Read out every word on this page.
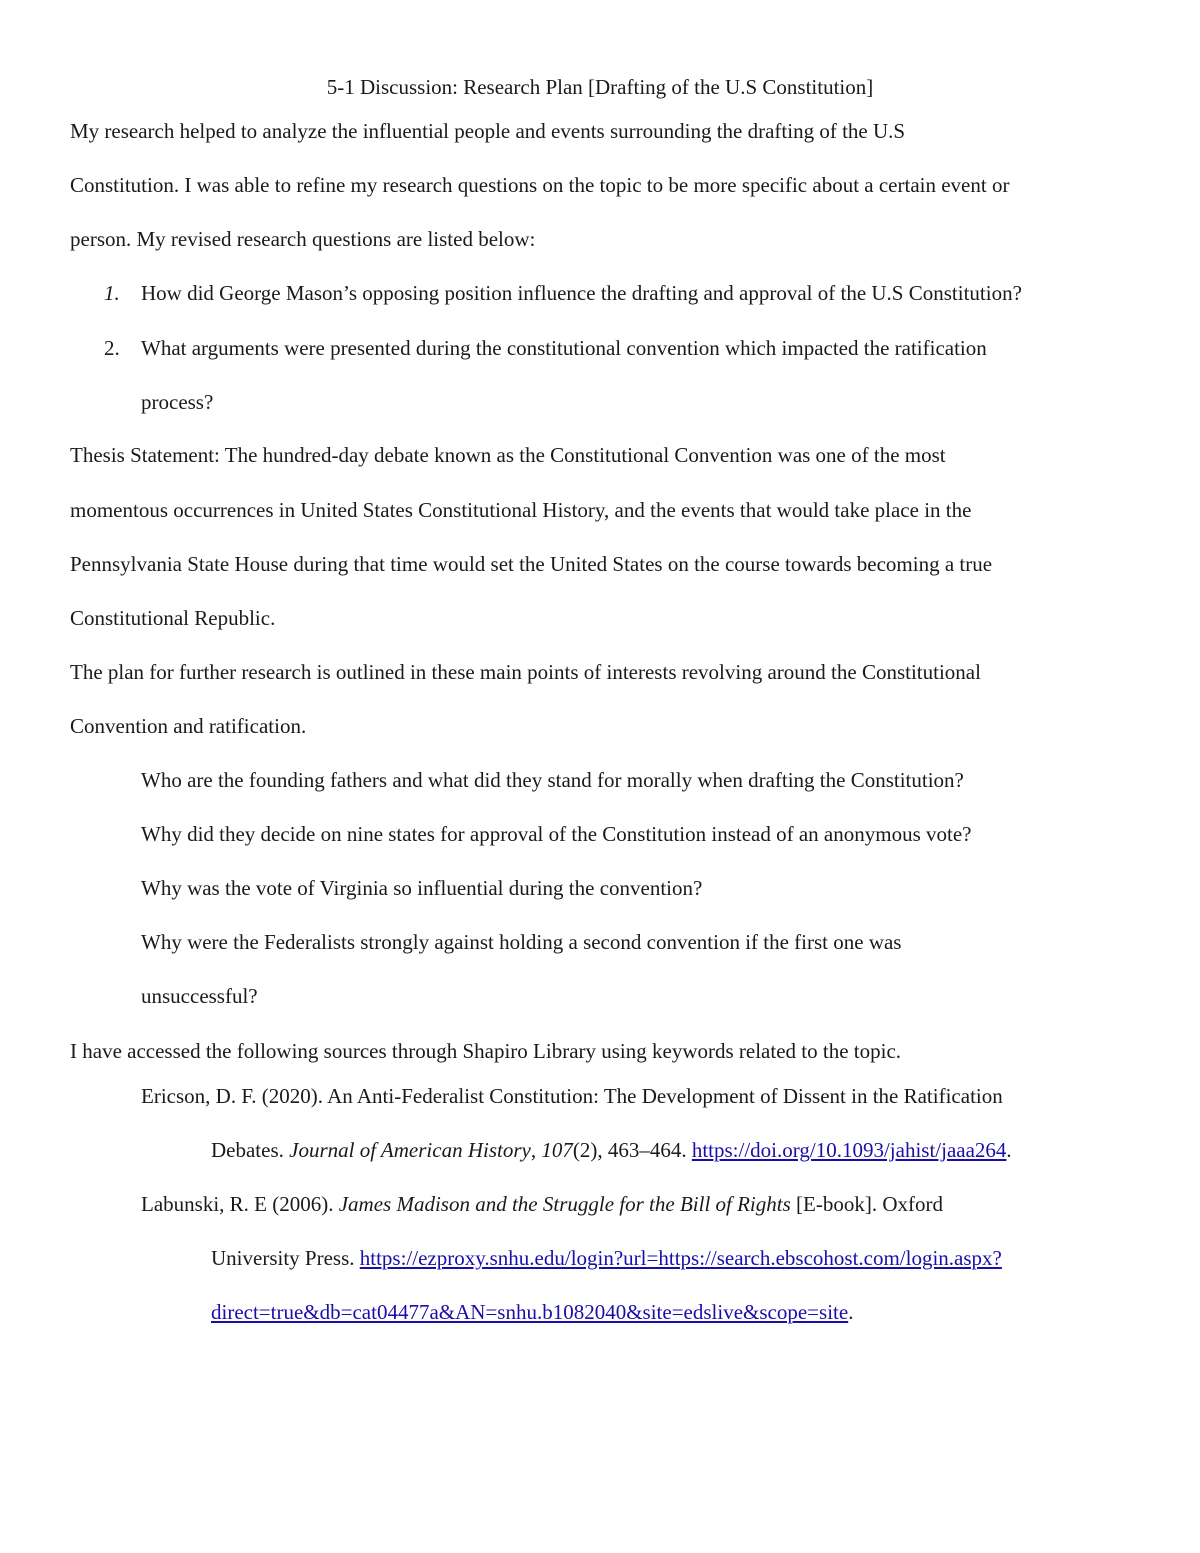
5-1 Discussion: Research Plan [Drafting of the U.S Constitution]
My research helped to analyze the influential people and events surrounding the drafting of the U.S
Constitution. I was able to refine my research questions on the topic to be more specific about a certain event or
person. My revised research questions are listed below:
1. How did George Mason’s opposing position influence the drafting and approval of the U.S Constitution?
2. What arguments were presented during the constitutional convention which impacted the ratification
process?
Thesis Statement: The hundred-day debate known as the Constitutional Convention was one of the most
momentous occurrences in United States Constitutional History, and the events that would take place in the
Pennsylvania State House during that time would set the United States on the course towards becoming a true
Constitutional Republic.
The plan for further research is outlined in these main points of interests revolving around the Constitutional
Convention and ratification.
Who are the founding fathers and what did they stand for morally when drafting the Constitution?
Why did they decide on nine states for approval of the Constitution instead of an anonymous vote?
Why was the vote of Virginia so influential during the convention?
Why were the Federalists strongly against holding a second convention if the first one was
unsuccessful?
I have accessed the following sources through Shapiro Library using keywords related to the topic.
Ericson, D. F. (2020). An Anti-Federalist Constitution: The Development of Dissent in the Ratification
Debates. Journal of American History, 107(2), 463–464. https://doi.org/10.1093/jahist/jaaa264.
Labunski, R. E (2006). James Madison and the Struggle for the Bill of Rights [E-book]. Oxford
University Press. https://ezproxy.snhu.edu/login?url=https://search.ebscohost.com/login.aspx?
direct=true&db=cat04477a&AN=snhu.b1082040&site=edslive&scope=site.
